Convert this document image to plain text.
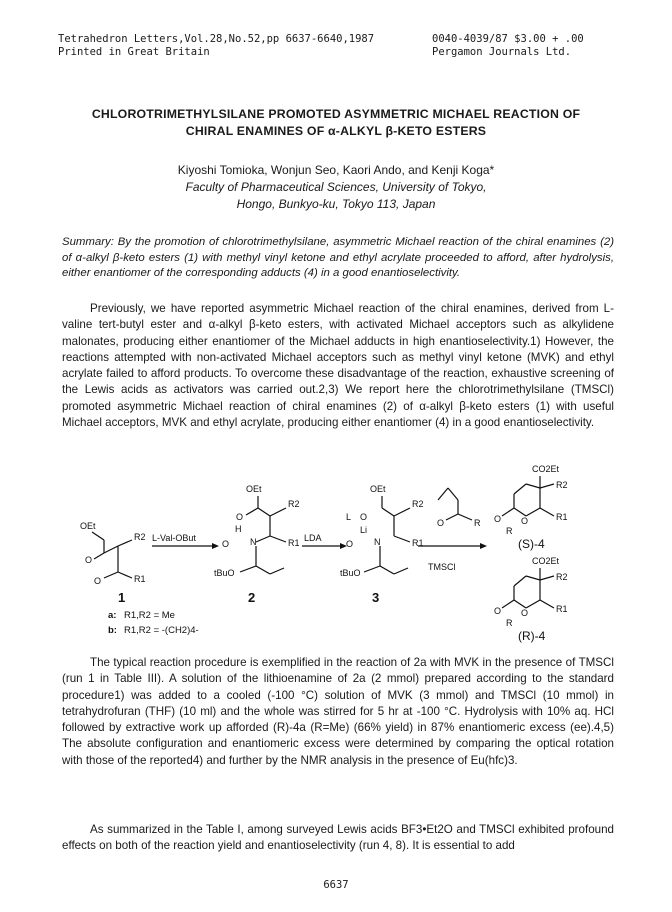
Tetrahedron Letters,Vol.28,No.52,pp 6637-6640,1987
Printed in Great Britain
0040-4039/87 $3.00 + .00
Pergamon Journals Ltd.
CHLOROTRIMETHYLSILANE PROMOTED ASYMMETRIC MICHAEL REACTION OF
CHIRAL ENAMINES OF α-ALKYL β-KETO ESTERS
Kiyoshi Tomioka, Wonjun Seo, Kaori Ando, and Kenji Koga*
Faculty of Pharmaceutical Sciences, University of Tokyo,
Hongo, Bunkyo-ku, Tokyo 113, Japan
Summary: By the promotion of chlorotrimethylsilane, asymmetric Michael reaction of the chiral enamines (2) of α-alkyl β-keto esters (1) with methyl vinyl ketone and ethyl acrylate proceeded to afford, after hydrolysis, either enantiomer of the corresponding adducts (4) in a good enantioselectivity.
Previously, we have reported asymmetric Michael reaction of the chiral enamines, derived from L-valine tert-butyl ester and α-alkyl β-keto esters, with activated Michael acceptors such as alkylidene malonates, producing either enantiomer of the Michael adducts in high enantioselectivity.1) However, the reactions attempted with non-activated Michael acceptors such as methyl vinyl ketone (MVK) and ethyl acrylate failed to afford products. To overcome these disadvantage of the reaction, exhaustive screening of the Lewis acids as activators was carried out.2,3) We report here the chlorotrimethylsilane (TMSCl) promoted asymmetric Michael reaction of chiral enamines (2) of α-alkyl β-keto esters (1) with useful Michael acceptors, MVK and ethyl acrylate, producing either enantiomer (4) in a good enantioselectivity.
OEt
O
R2
O	R1
L-Val-OBut
OEt
R2
O
H
N	R1
O
tBuO
LDA
OEt
R2
L
Li
O
N	R1
O
tBuO
O	R
TMSCl
CO2Et
R2
O O	R1
R
(S)-4
CO2Et
R2
O O	R1
R
(R)-4
1	2	3
a: R1,R2 = Me
b: R1,R2 = -(CH2)4-
The typical reaction procedure is exemplified in the reaction of 2a with MVK in the presence of TMSCl (run 1 in Table III). A solution of the lithioenamine of 2a (2 mmol) prepared according to the standard procedure1) was added to a cooled (-100 °C) solution of MVK (3 mmol) and TMSCl (10 mmol) in tetrahydrofuran (THF) (10 ml) and the whole was stirred for 5 hr at -100 °C. Hydrolysis with 10% aq. HCl followed by extractive work up afforded (R)-4a (R=Me) (66% yield) in 87% enantiomeric excess (ee).4,5) The absolute configuration and enantiomeric excess were determined by comparing the optical rotation with those of the reported4) and further by the NMR analysis in the presence of Eu(hfc)3.
As summarized in the Table I, among surveyed Lewis acids BF3•Et2O and TMSCl exhibited profound effects on both of the reaction yield and enantioselectivity (run 4, 8). It is essential to add
6637
